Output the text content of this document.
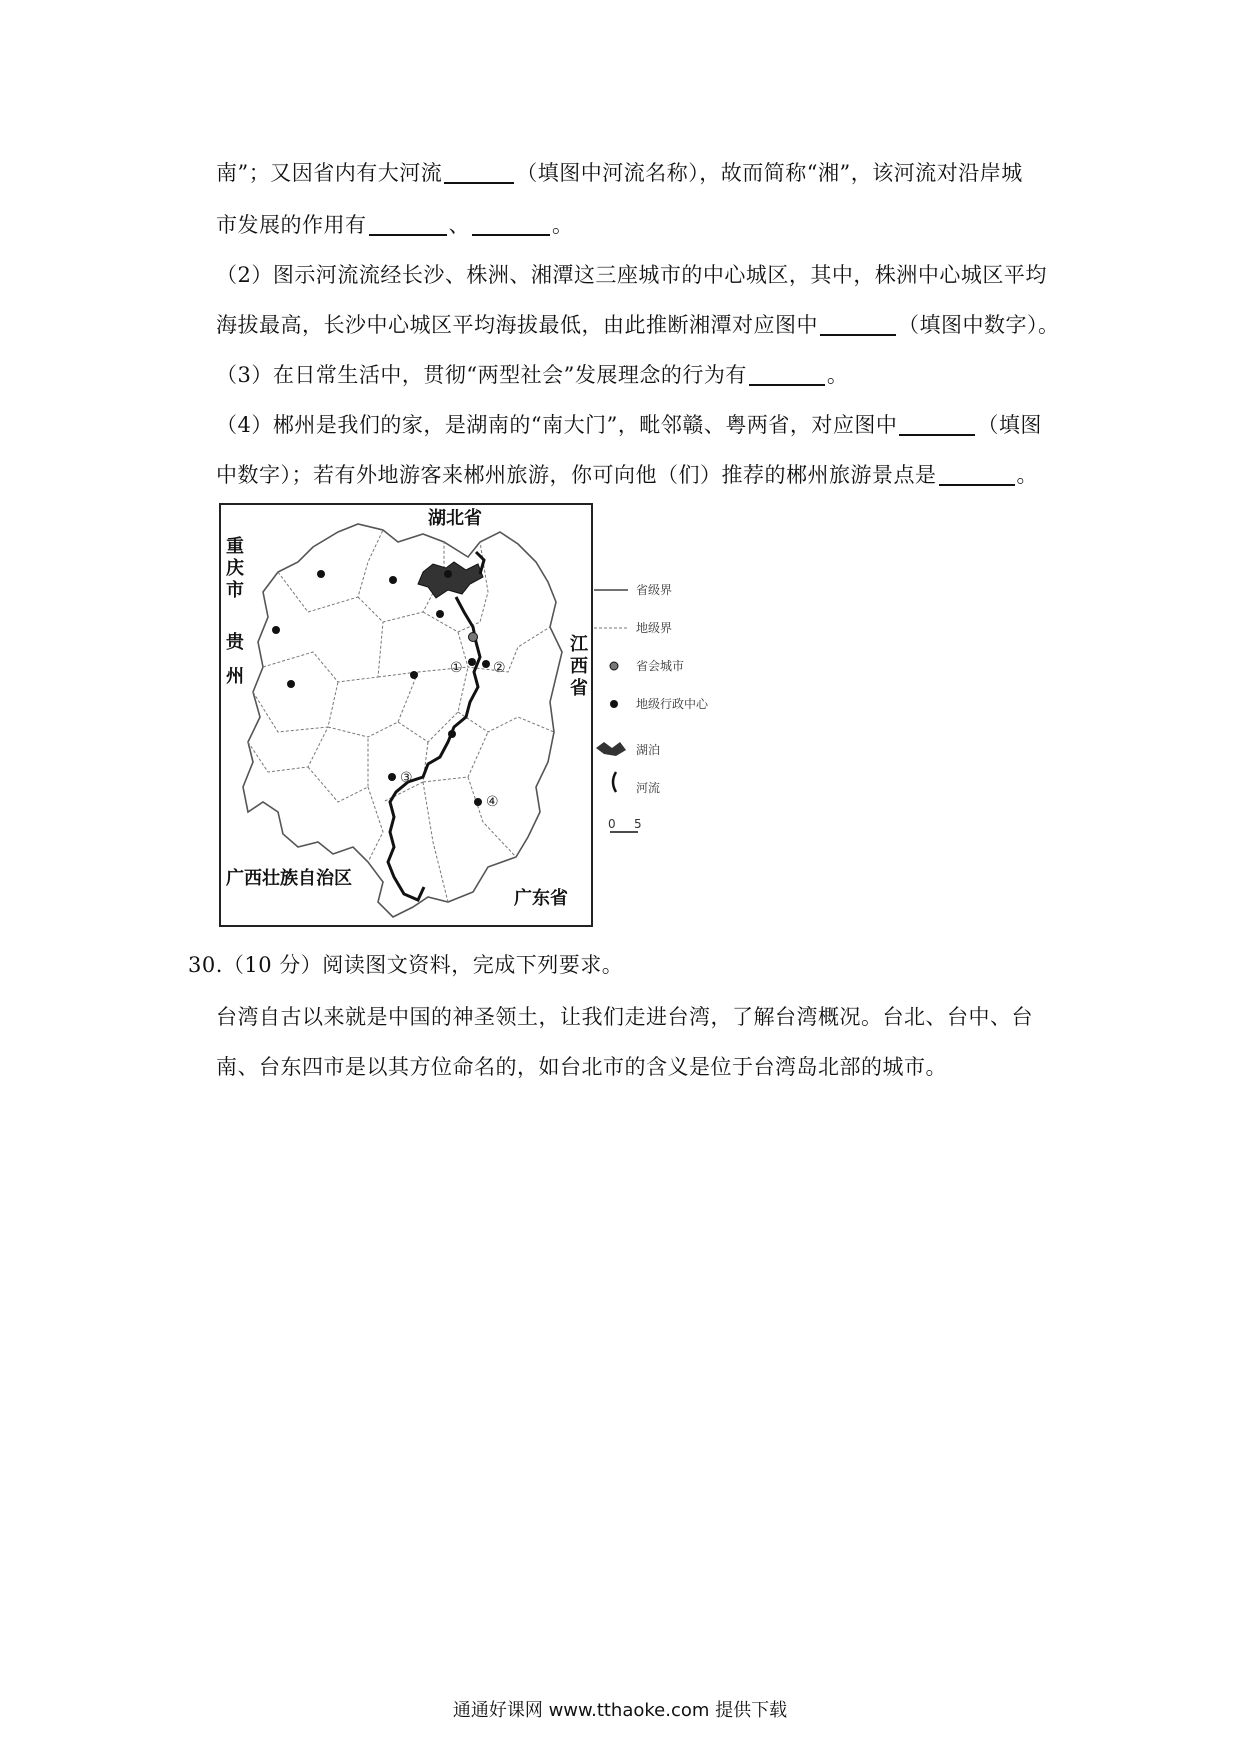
南”；又因省内有大河流	（填图中河流名称），故而简称“湘”，该河流对沿岸城
市发展的作用有	、	。
（2）图示河流流经长沙、株洲、湘潭这三座城市的中心城区，其中，株洲中心城区平均
海拔最高，长沙中心城区平均海拔最低，由此推断湘潭对应图中	（填图中数字）。
（3）在日常生活中，贯彻“两型社会”发展理念的行为有	。
（4）郴州是我们的家，是湖南的“南大门”，毗邻赣、粤两省，对应图中	（填图
中数字）；若有外地游客来郴州旅游，你可向他（们）推荐的郴州旅游景点是	。
① ②
③
④
湖北省
重
庆
市
贵
州
江
西
省
广西壮族自治区
广东省
省级界
地级界
省会城市
地级行政中心
湖泊
河流
0 5
30.（10 分）阅读图文资料，完成下列要求。
台湾自古以来就是中国的神圣领土，让我们走进台湾，了解台湾概况。台北、台中、台
南、台东四市是以其方位命名的，如台北市的含义是位于台湾岛北部的城市。
通通好课网 www.tthaoke.com 提供下载
